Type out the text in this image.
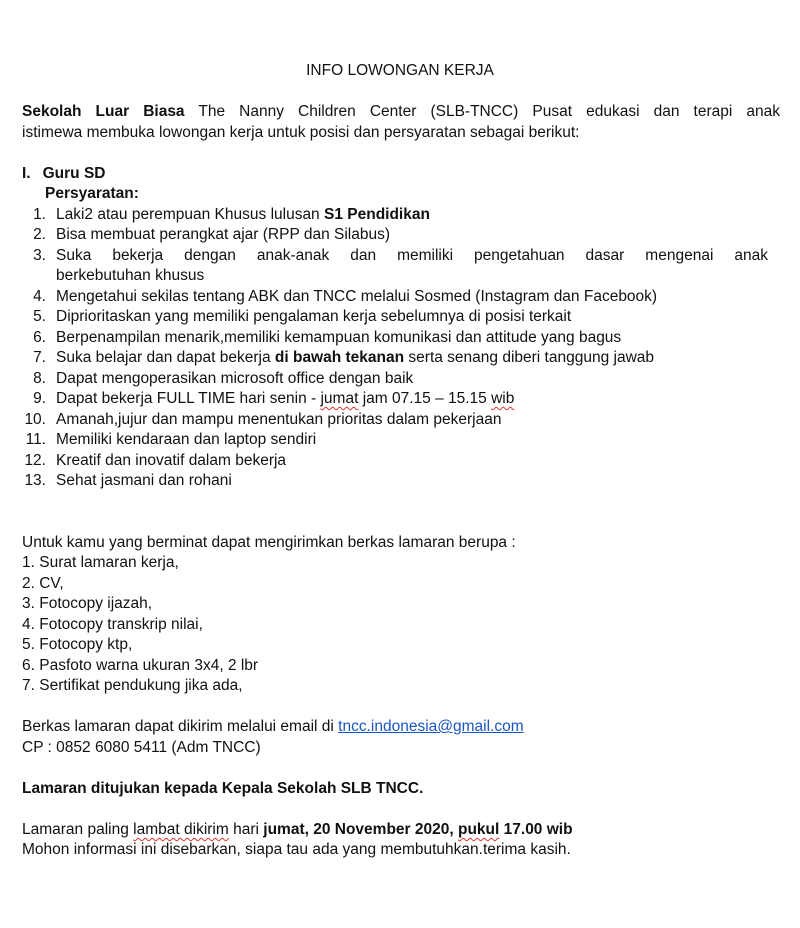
INFO LOWONGAN KERJA
Sekolah Luar Biasa The Nanny Children Center (SLB-TNCC) Pusat edukasi dan terapi anak
istimewa membuka lowongan kerja untuk posisi dan persyaratan sebagai berikut:
I. Guru SD
Persyaratan:
1. Laki2 atau perempuan Khusus lulusan S1 Pendidikan
2. Bisa membuat perangkat ajar (RPP dan Silabus)
3. Suka bekerja dengan anak-anak dan memiliki pengetahuan dasar mengenai anak
berkebutuhan khusus
4. Mengetahui sekilas tentang ABK dan TNCC melalui Sosmed (Instagram dan Facebook)
5. Diprioritaskan yang memiliki pengalaman kerja sebelumnya di posisi terkait
6. Berpenampilan menarik,memiliki kemampuan komunikasi dan attitude yang bagus
7. Suka belajar dan dapat bekerja di bawah tekanan serta senang diberi tanggung jawab
8. Dapat mengoperasikan microsoft office dengan baik
9. Dapat bekerja FULL TIME hari senin - jumat jam 07.15 – 15.15 wib
10. Amanah,jujur dan mampu menentukan prioritas dalam pekerjaan
11. Memiliki kendaraan dan laptop sendiri
12. Kreatif dan inovatif dalam bekerja
13. Sehat jasmani dan rohani
Untuk kamu yang berminat dapat mengirimkan berkas lamaran berupa :
1. Surat lamaran kerja,
2. CV,
3. Fotocopy ijazah,
4. Fotocopy transkrip nilai,
5. Fotocopy ktp,
6. Pasfoto warna ukuran 3x4, 2 lbr
7. Sertifikat pendukung jika ada,
Berkas lamaran dapat dikirim melalui email di tncc.indonesia@gmail.com
CP : 0852 6080 5411 (Adm TNCC)
Lamaran ditujukan kepada Kepala Sekolah SLB TNCC.
Lamaran paling lambat dikirim hari jumat, 20 November 2020, pukul 17.00 wib
Mohon informasi ini disebarkan, siapa tau ada yang membutuhkan.terima kasih.
